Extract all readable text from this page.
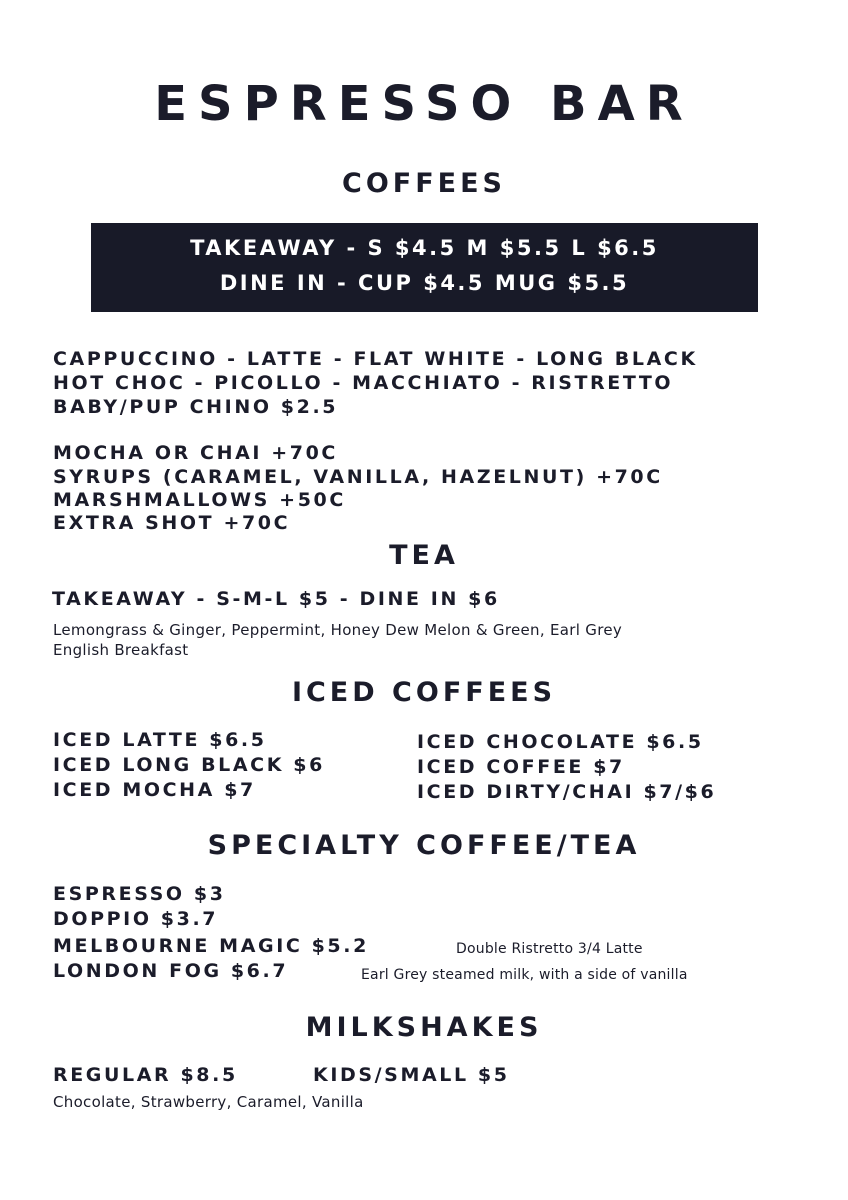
ESPRESSO BAR
COFFEES
TAKEAWAY - S $4.5 M $5.5 L $6.5
DINE IN - CUP $4.5 MUG $5.5
CAPPUCCINO - LATTE - FLAT WHITE - LONG BLACK
HOT CHOC - PICOLLO - MACCHIATO - RISTRETTO
BABY/PUP CHINO $2.5
MOCHA OR CHAI +70C
SYRUPS (CARAMEL, VANILLA, HAZELNUT) +70C
MARSHMALLOWS +50C
EXTRA SHOT +70C
TEA
TAKEAWAY - S-M-L $5 - DINE IN $6
Lemongrass & Ginger, Peppermint, Honey Dew Melon & Green, Earl Grey
English Breakfast
ICED COFFEES
ICED LATTE $6.5
ICED LONG BLACK $6
ICED MOCHA $7
ICED CHOCOLATE $6.5
ICED COFFEE $7
ICED DIRTY/CHAI $7/$6
SPECIALTY COFFEE/TEA
ESPRESSO $3
DOPPIO $3.7
MELBOURNE MAGIC $5.2	Double Ristretto 3/4 Latte
LONDON FOG $6.7	Earl Grey steamed milk, with a side of vanilla
MILKSHAKES
REGULAR $8.5	KIDS/SMALL $5
Chocolate, Strawberry, Caramel, Vanilla
